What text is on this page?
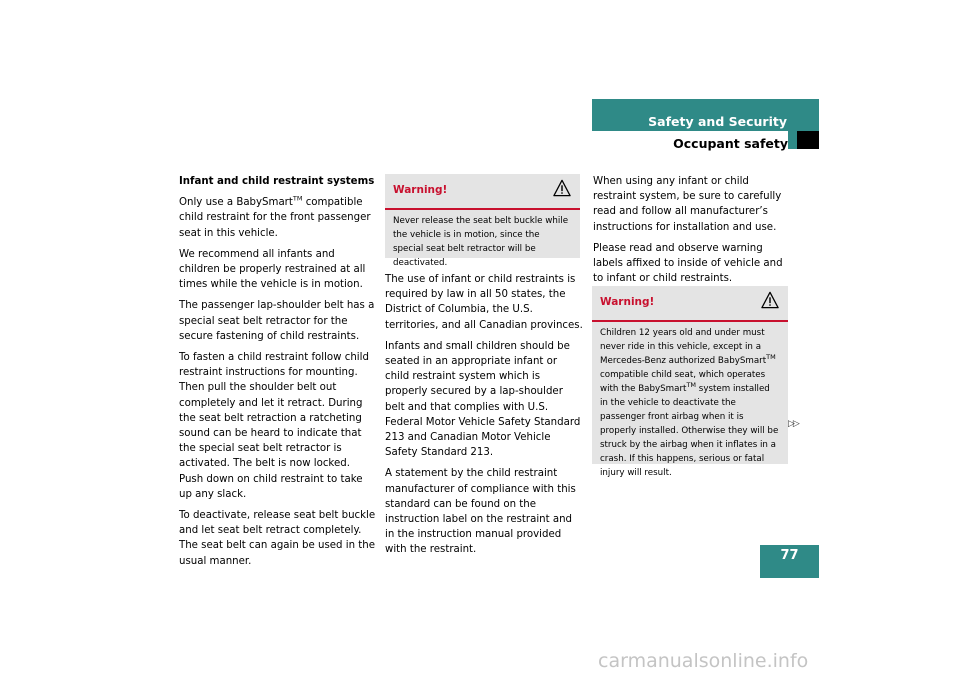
Safety and Security
Occupant safety
Infant and child restraint systems

Only use a BabySmart™ compatible child restraint for the front passenger seat in this vehicle.

We recommend all infants and children be properly restrained at all times while the vehicle is in motion.

The passenger lap-shoulder belt has a special seat belt retractor for the secure fastening of child restraints.

To fasten a child restraint follow child restraint instructions for mounting. Then pull the shoulder belt out completely and let it retract. During the seat belt retraction a ratcheting sound can be heard to indicate that the special seat belt retractor is activated. The belt is now locked. Push down on child restraint to take up any slack.

To deactivate, release seat belt buckle and let seat belt retract completely. The seat belt can again be used in the usual manner.

Warning!
Never release the seat belt buckle while the vehicle is in motion, since the special seat belt retractor will be deactivated.

The use of infant or child restraints is required by law in all 50 states, the District of Columbia, the U.S. territories, and all Canadian provinces.

Infants and small children should be seated in an appropriate infant or child restraint system which is properly secured by a lap-shoulder belt and that complies with U.S. Federal Motor Vehicle Safety Standard 213 and Canadian Motor Vehicle Safety Standard 213.

A statement by the child restraint manufacturer of compliance with this standard can be found on the instruction label on the restraint and in the instruction manual provided with the restraint.

When using any infant or child restraint system, be sure to carefully read and follow all manufacturer’s instructions for installation and use.

Please read and observe warning labels affixed to inside of vehicle and to infant or child restraints.

Warning!
Children 12 years old and under must never ride in this vehicle, except in a Mercedes-Benz authorized BabySmart™ compatible child seat, which operates with the BabySmart™ system installed in the vehicle to deactivate the passenger front airbag when it is properly installed. Otherwise they will be struck by the airbag when it inflates in a crash. If this happens, serious or fatal injury will result.
▷▷
77
carmanualsonline.info
